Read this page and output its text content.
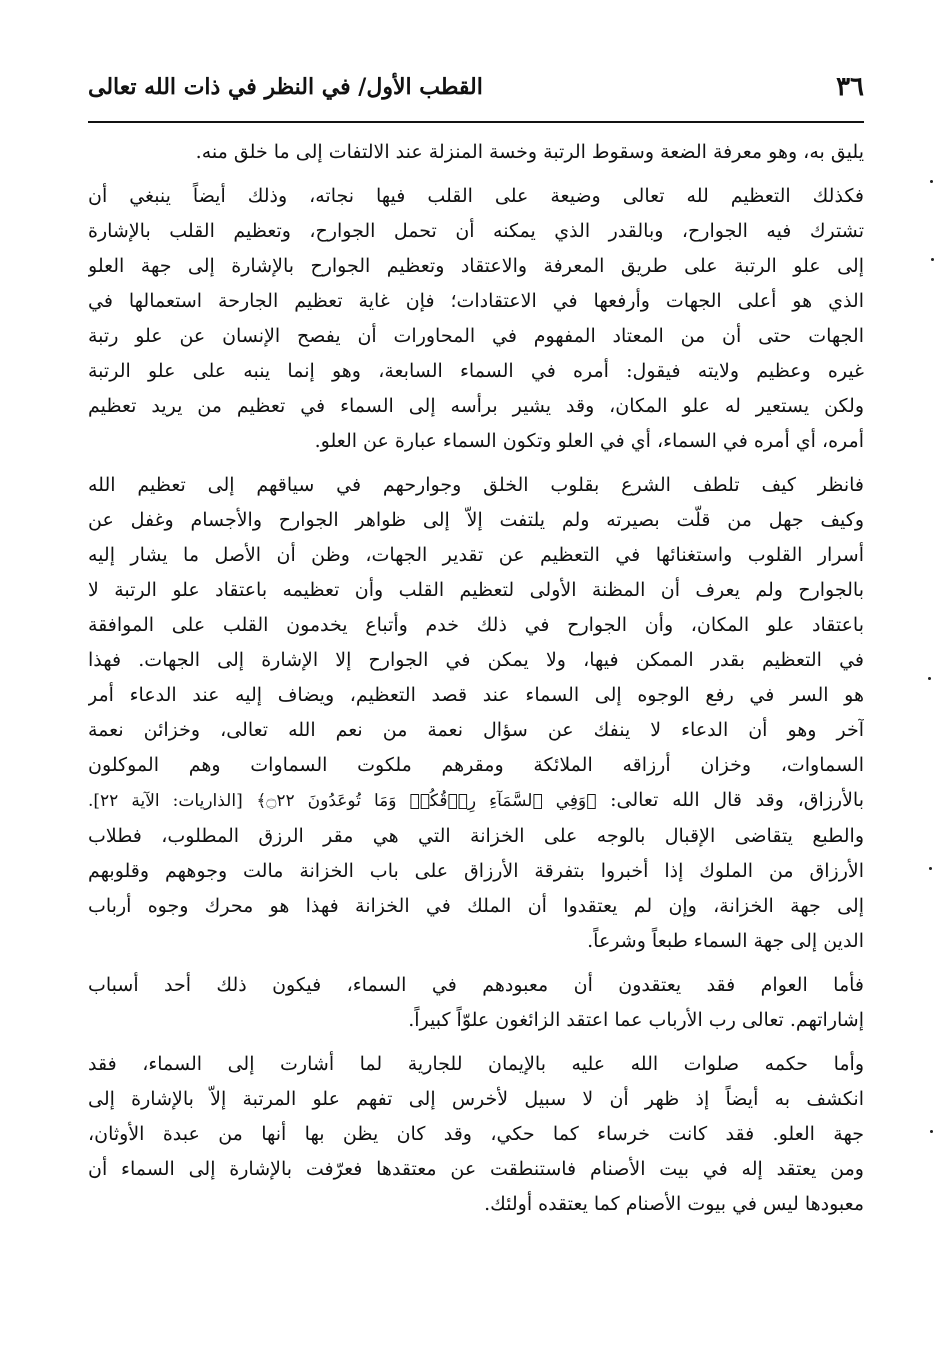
٣٦
القطب الأول/ في النظر في ذات الله تعالى
يليق به، وهو معرفة الضعة وسقوط الرتبة وخسة المنزلة عند الالتفات إلى ما خلق منه.
فكذلك التعظيم لله تعالى وضيعة على القلب فيها نجاته، وذلك أيضاً ينبغي أن
تشترك فيه الجوارح، وبالقدر الذي يمكنه أن تحمل الجوارح، وتعظيم القلب بالإشارة
إلى علو الرتبة على طريق المعرفة والاعتقاد وتعظيم الجوارح بالإشارة إلى جهة العلو
الذي هو أعلى الجهات وأرفعها في الاعتقادات؛ فإن غاية تعظيم الجارحة استعمالها في
الجهات حتى أن من المعتاد المفهوم في المحاورات أن يفصح الإنسان عن علو رتبة
غيره وعظيم ولايته فيقول: أمره في السماء السابعة، وهو إنما ينبه على علو الرتبة
ولكن يستعير له علو المكان، وقد يشير برأسه إلى السماء في تعظيم من يريد تعظيم
أمره، أي أمره في السماء، أي في العلو وتكون السماء عبارة عن العلو.
فانظر كيف تلطف الشرع بقلوب الخلق وجوارحهم في سياقهم إلى تعظيم الله
وكيف جهل من قلّت بصيرته ولم يلتفت إلاّ إلى ظواهر الجوارح والأجسام وغفل عن
أسرار القلوب واستغنائها في التعظيم عن تقدير الجهات، وظن أن الأصل ما يشار إليه
بالجوارح ولم يعرف أن المظنة الأولى لتعظيم القلب وأن تعظيمه باعتقاد علو الرتبة لا
باعتقاد علو المكان، وأن الجوارح في ذلك خدم وأتباع يخدمون القلب على الموافقة
في التعظيم بقدر الممكن فيها، ولا يمكن في الجوارح إلا الإشارة إلى الجهات. فهذا
هو السر في رفع الوجوه إلى السماء عند قصد التعظيم، ويضاف إليه عند الدعاء أمر
آخر وهو أن الدعاء لا ينفك عن سؤال نعمة من نعم الله تعالى، وخزائن نعمة
السماوات، وخزان أرزاقه الملائكة ومقرهم ملكوت السماوات وهم الموكلون
بالأرزاق، وقد قال الله تعالى: ﴿وَفِي ٱلسَّمَآءِ رِزۡقُكُمۡ وَمَا تُوعَدُونَ ۝٢٢﴾ [الذاريات: الآية ٢٢].
والطبع يتقاضى الإقبال بالوجه على الخزانة التي هي مقر الرزق المطلوب، فطلاب
الأرزاق من الملوك إذا أخبروا بتفرقة الأرزاق على باب الخزانة مالت وجوههم وقلوبهم
إلى جهة الخزانة، وإن لم يعتقدوا أن الملك في الخزانة فهذا هو محرك وجوه أرباب
الدين إلى جهة السماء طبعاً وشرعاً.
فأما العوام فقد يعتقدون أن معبودهم في السماء، فيكون ذلك أحد أسباب
إشاراتهم. تعالى رب الأرباب عما اعتقد الزائغون علوّاً كبيراً.
وأما حكمه صلوات الله عليه بالإيمان للجارية لما أشارت إلى السماء، فقد
انكشف به أيضاً إذ ظهر أن لا سبيل لأخرس إلى تفهم علو المرتبة إلاّ بالإشارة إلى
جهة العلو. فقد كانت خرساء كما حكي، وقد كان يظن بها أنها من عبدة الأوثان،
ومن يعتقد إله في بيت الأصنام فاستنطقت عن معتقدها فعرّفت بالإشارة إلى السماء أن
معبودها ليس في بيوت الأصنام كما يعتقده أولئك.
